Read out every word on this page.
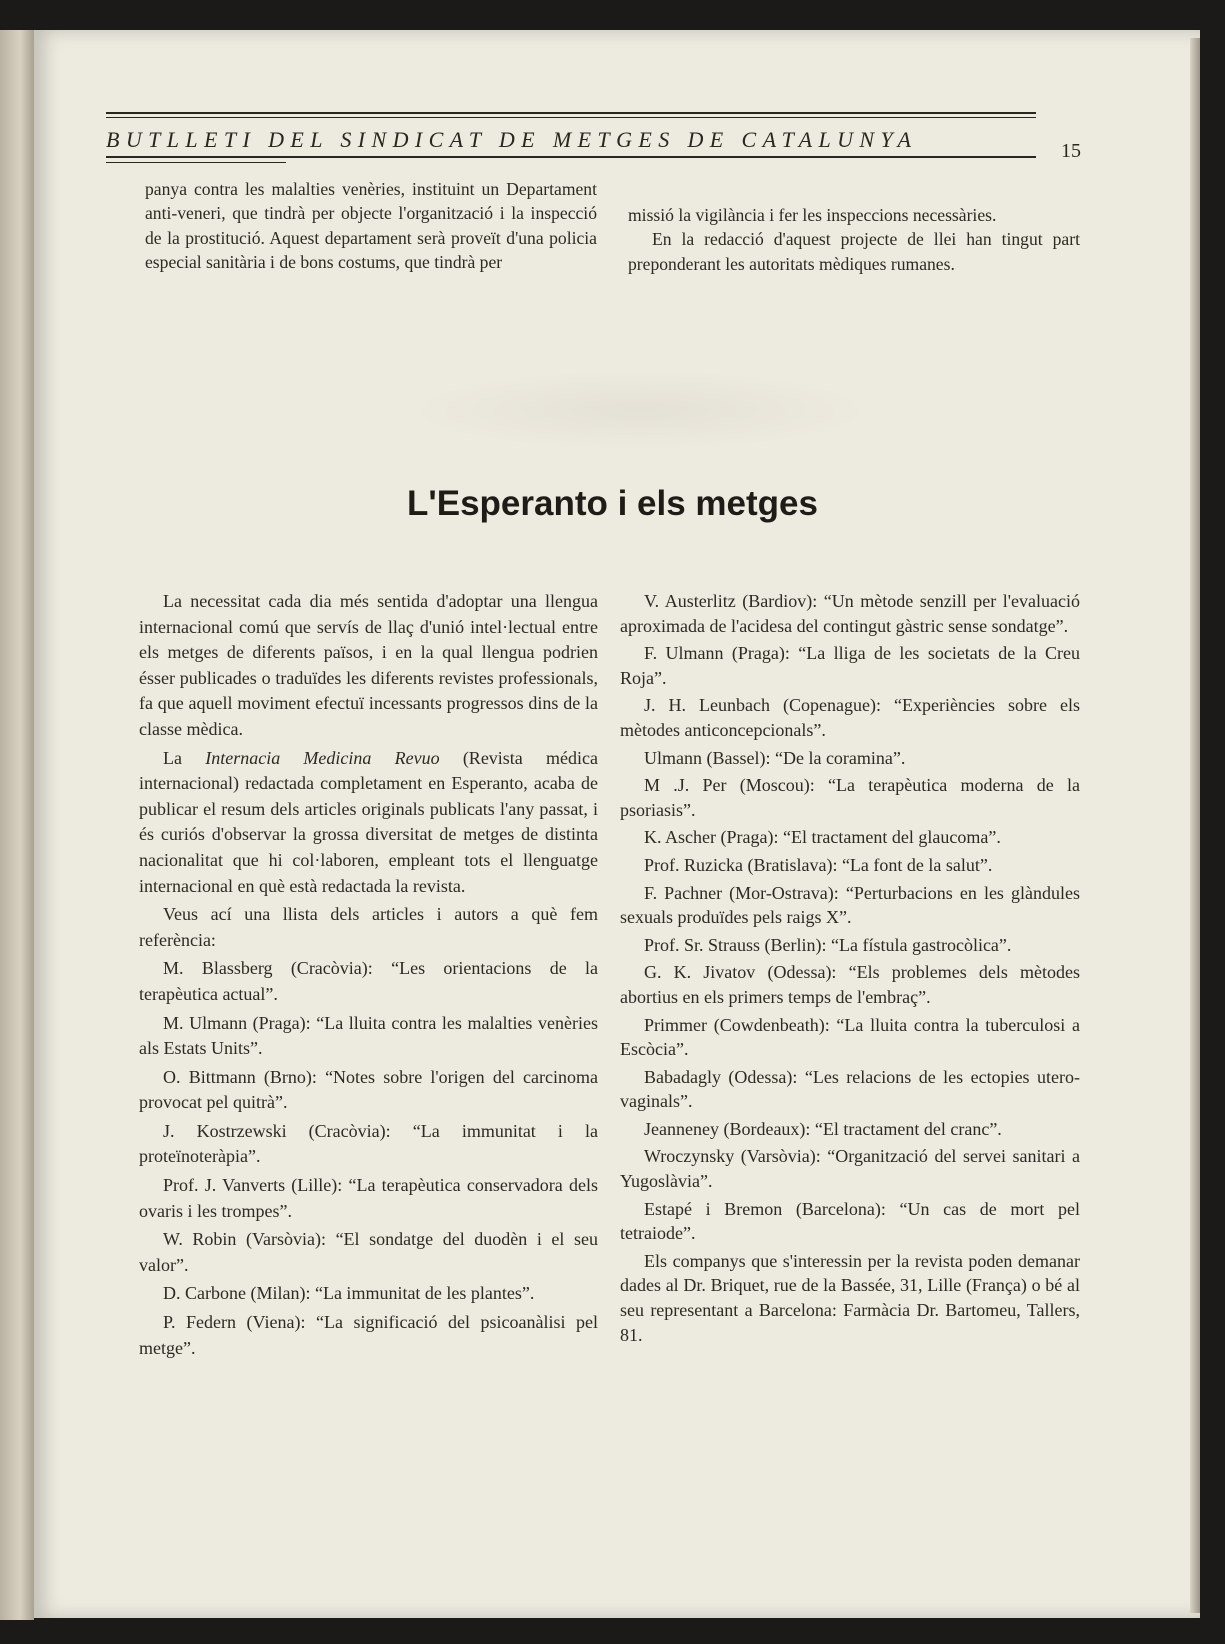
BUTLLETI DEL SINDICAT DE METGES DE CATALUNYA	15

panya contra les malalties venèries, instituint un Departament anti-veneri, que tindrà per objecte l'organització i la inspecció de la prostitució. Aquest departament serà proveït d'una policia especial sanitària i de bons costums, que tindrà per

missió la vigilància i fer les inspeccions necessàries.

En la redacció d'aquest projecte de llei han tingut part preponderant les autoritats mèdiques rumanes.

L'Esperanto i els metges

La necessitat cada dia més sentida d'adoptar una llengua internacional comú que servís de llaç d'unió intel·lectual entre els metges de diferents països, i en la qual llengua podrien ésser publicades o traduïdes les diferents revistes professionals, fa que aquell moviment efectuï incessants progressos dins de la classe mèdica.

La Internacia Medicina Revuo (Revista médica internacional) redactada completament en Esperanto, acaba de publicar el resum dels articles originals publicats l'any passat, i és curiós d'observar la grossa diversitat de metges de distinta nacionalitat que hi col·laboren, empleant tots el llenguatge internacional en què està redactada la revista.

Veus ací una llista dels articles i autors a què fem referència:

M. Blassberg (Cracòvia): “Les orientacions de la terapèutica actual”.

M. Ulmann (Praga): “La lluita contra les malalties venèries als Estats Units”.

O. Bittmann (Brno): “Notes sobre l'origen del carcinoma provocat pel quitrà”.

J. Kostrzewski (Cracòvia): “La immunitat i la proteïnoteràpia”.

Prof. J. Vanverts (Lille): “La terapèutica conservadora dels ovaris i les trompes”.

W. Robin (Varsòvia): “El sondatge del duodèn i el seu valor”.

D. Carbone (Milan): “La immunitat de les plantes”.

P. Federn (Viena): “La significació del psicoanàlisi pel metge”.

V. Austerlitz (Bardiov): “Un mètode senzill per l'evaluació aproximada de l'acidesa del contingut gàstric sense sondatge”.

F. Ulmann (Praga): “La lliga de les societats de la Creu Roja”.

J. H. Leunbach (Copenague): “Experiències sobre els mètodes anticoncepcionals”.

Ulmann (Bassel): “De la coramina”.

M .J. Per (Moscou): “La terapèutica moderna de la psoriasis”.

K. Ascher (Praga): “El tractament del glaucoma”.

Prof. Ruzicka (Bratislava): “La font de la salut”.

F. Pachner (Mor-Ostrava): “Perturbacions en les glàndules sexuals produïdes pels raigs X”.

Prof. Sr. Strauss (Berlin): “La fístula gastrocòlica”.

G. K. Jivatov (Odessa): “Els problemes dels mètodes abortius en els primers temps de l'embraç”.

Primmer (Cowdenbeath): “La lluita contra la tuberculosi a Escòcia”.

Babadagly (Odessa): “Les relacions de les ectopies utero-vaginals”.

Jeanneney (Bordeaux): “El tractament del cranc”.

Wroczynsky (Varsòvia): “Organització del servei sanitari a Yugoslàvia”.

Estapé i Bremon (Barcelona): “Un cas de mort pel tetraiode”.

Els companys que s'interessin per la revista poden demanar dades al Dr. Briquet, rue de la Bassée, 31, Lille (França) o bé al seu representant a Barcelona: Farmàcia Dr. Bartomeu, Tallers, 81.
